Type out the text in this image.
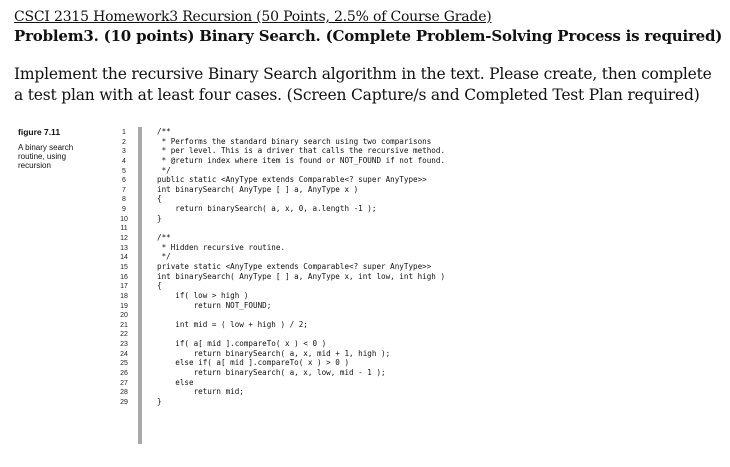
CSCI 2315 Homework3 Recursion (50 Points, 2.5% of Course Grade)
Problem3. (10 points) Binary Search. (Complete Problem-Solving Process is required)
Implement the recursive Binary Search algorithm in the text. Please create, then complete a test plan with at least four cases. (Screen Capture/s and Completed Test Plan required)
figure 7.11
A binary search routine, using recursion
1
2
3
4
5
6
7
8
9
10
11
12
13
14
15
16
17
18
19
20
21
22
23
24
25
26
27
28
29
/**
* Performs the standard binary search using two comparisons
* per level. This is a driver that calls the recursive method.
* @return index where item is found or NOT_FOUND if not found.
*/
public static <AnyType extends Comparable<? super AnyType>>
int binarySearch( AnyType [ ] a, AnyType x )
{
return binarySearch( a, x, 0, a.length -1 );
}
/**
* Hidden recursive routine.
*/
private static <AnyType extends Comparable<? super AnyType>>
int binarySearch( AnyType [ ] a, AnyType x, int low, int high )
{
if( low > high )
return NOT_FOUND;
int mid = ( low + high ) / 2;
if( a[ mid ].compareTo( x ) < 0 )
return binarySearch( a, x, mid + 1, high );
else if( a[ mid ].compareTo( x ) > 0 )
return binarySearch( a, x, low, mid - 1 );
else
return mid;
}
